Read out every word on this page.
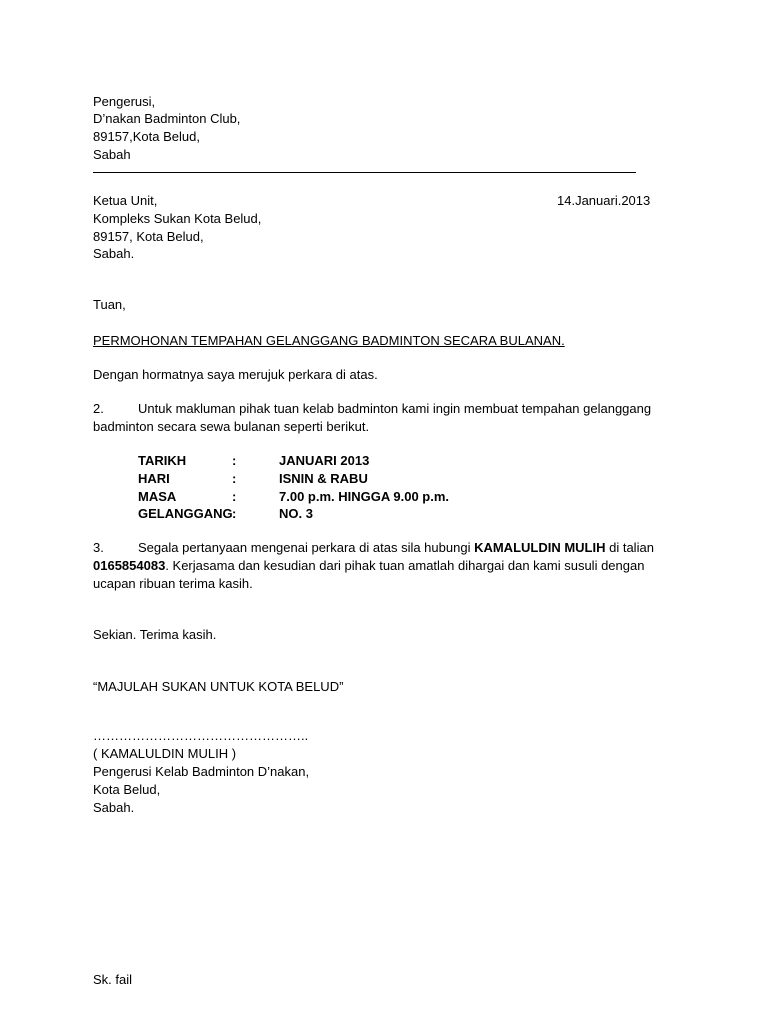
Pengerusi,
D’nakan Badminton Club,
89157,Kota Belud,
Sabah
Ketua Unit,	14.Januari.2013
Kompleks Sukan Kota Belud,
89157, Kota Belud,
Sabah.
Tuan,
PERMOHONAN TEMPAHAN GELANGGANG BADMINTON SECARA BULANAN.
Dengan hormatnya saya merujuk perkara di atas.
2.	Untuk makluman pihak tuan kelab badminton kami ingin membuat tempahan gelanggang
badminton secara sewa bulanan seperti berikut.
TARIKH	:	JANUARI 2013
HARI	:	ISNIN & RABU
MASA	:	7.00 p.m. HINGGA 9.00 p.m.
GELANGGANG :	NO. 3
3.	Segala pertanyaan mengenai perkara di atas sila hubungi KAMALULDIN MULIH di talian
0165854083. Kerjasama dan kesudian dari pihak tuan amatlah dihargai dan kami susuli dengan
ucapan ribuan terima kasih.
Sekian. Terima kasih.
“MAJULAH SUKAN UNTUK KOTA BELUD”
…………………………………………..
( KAMALULDIN MULIH )
Pengerusi Kelab Badminton D’nakan,
Kota Belud,
Sabah.
Sk. fail
